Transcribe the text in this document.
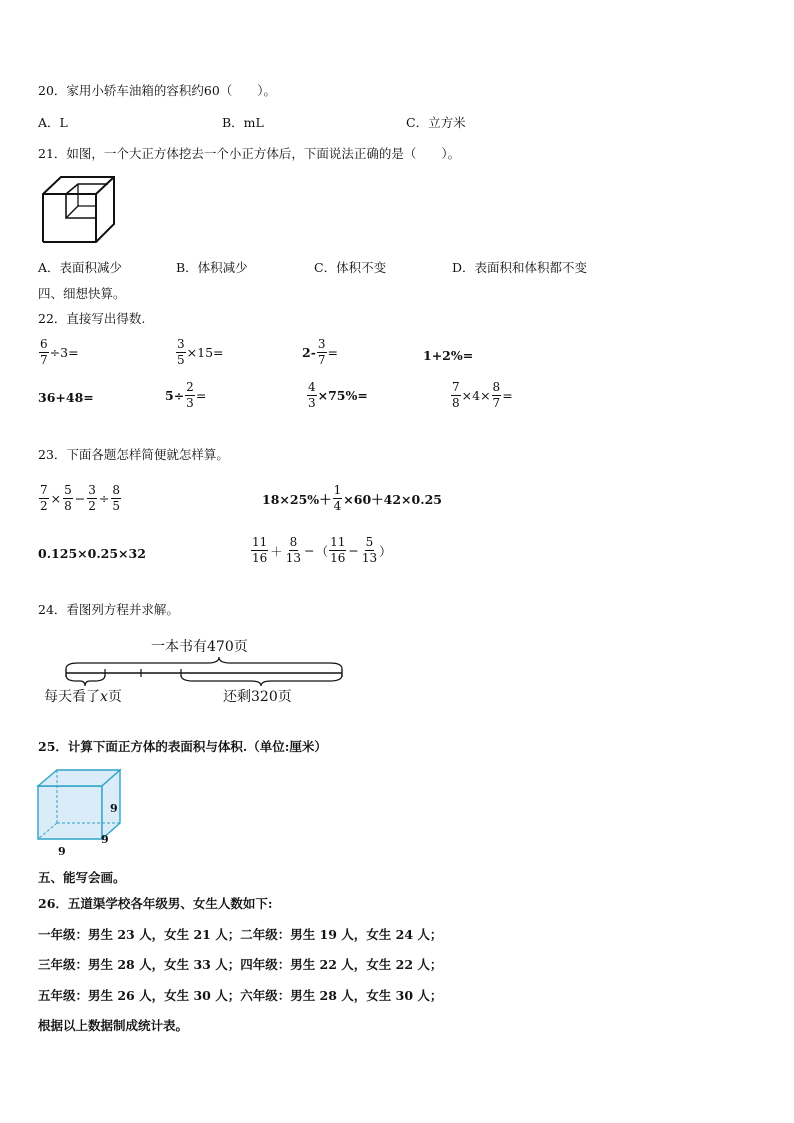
20．家用小轿车油箱的容积约60（　　）。
A．L	B．mL	C．立方米
21．如图，一个大正方体挖去一个小正方体后，下面说法正确的是（　　）。
A．表面积减少	B．体积减少	C．体积不变	D．表面积和体积都不变
四、细想快算。
22．直接写出得数.
$\frac{6}{7} \div 3=$	$\frac{3}{5} \times 15=$	$2- \frac{3}{7}$ =	1+2%=
36+48=	$5\div \frac{2}{3}$ =	$\frac{4}{3} \times 75\%=$	$\frac{7}{8} \times 4\times \frac{8}{7}$ =
23．下面各题怎样简便就怎样算。
$\frac{7}{2} \times \frac{5}{8} - \frac{3}{2} \div \frac{8}{5}$	$18\times 25\%+ \frac{1}{4} \times 60+42\times 0.25$
0.125×0.25×32	$\frac{11}{16} + \frac{8}{13}$ − （ $\frac{11}{16} - \frac{5}{13}$ ）
24．看图列方程并求解。
一本书有470页
每天看了x页	还剩320页
25．计算下面正方体的表面积与体积.（单位:厘米）
9
9
9
五、能写会画。
26．五道渠学校各年级男、女生人数如下:
一年级：男生 23 人，女生 21 人；二年级：男生 19 人，女生 24 人；
三年级：男生 28 人，女生 33 人；四年级：男生 22 人，女生 22 人；
五年级：男生 26 人，女生 30 人；六年级：男生 28 人，女生 30 人；
根据以上数据制成统计表。
